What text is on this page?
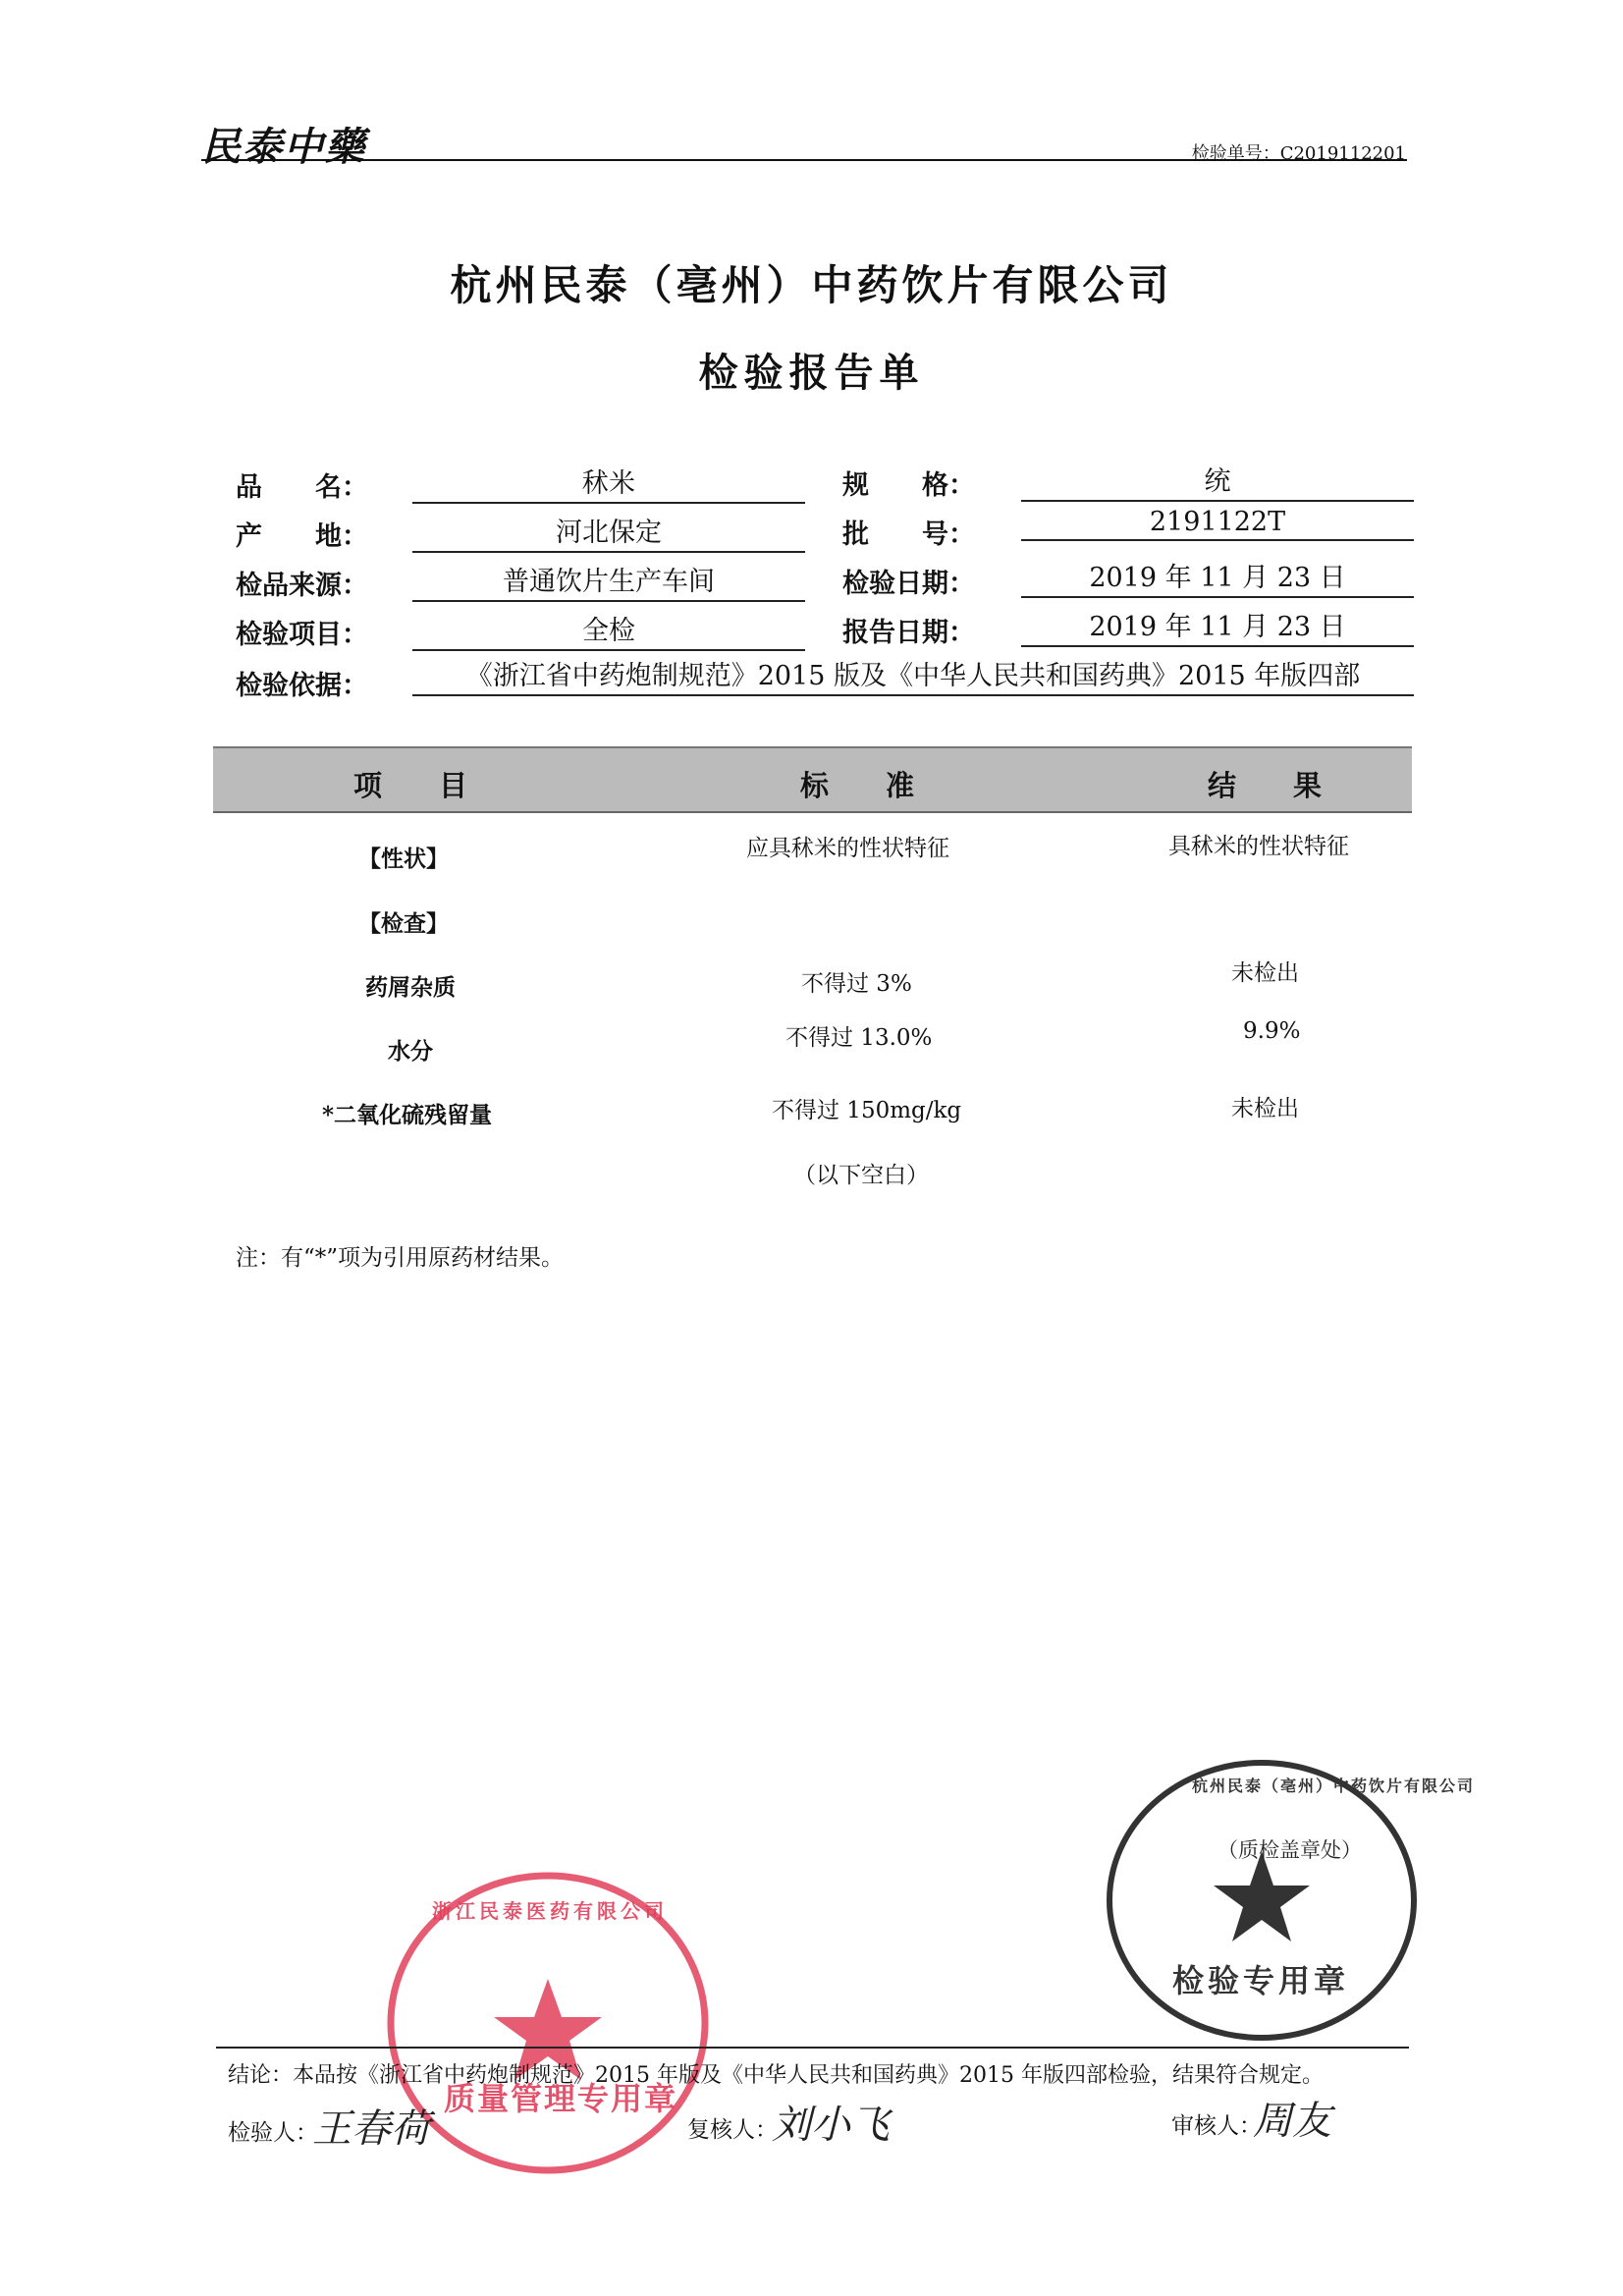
民泰中藥	检验单号：C2019112201
杭州民泰（亳州）中药饮片有限公司
检验报告单
品　　名：	秫米	规　　格：	统
产　　地：	河北保定	批　　号：	2191122T
检品来源：	普通饮片生产车间	检验日期：	2019 年 11 月 23 日
检验项目：	全检	报告日期：	2019 年 11 月 23 日
检验依据：	《浙江省中药炮制规范》2015 版及《中华人民共和国药典》2015 年版四部
项　　目	标　　准	结　　果
【性状】	应具秫米的性状特征	具秫米的性状特征
【检查】
药屑杂质	不得过 3%	未检出
水分	不得过 13.0%	9.9%
*二氧化硫残留量	不得过 150mg/kg	未检出
（以下空白）
注：有“*”项为引用原药材结果。
杭州民泰（亳州）中药饮片有限公司
（质检盖章处）
检验专用章
浙江民泰医药有限公司
质量管理专用章
结论：本品按《浙江省中药炮制规范》2015 年版及《中华人民共和国药典》2015 年版四部检验，结果符合规定。
检验人：
王春荷	复核人：
刘小飞	审核人：
周友
